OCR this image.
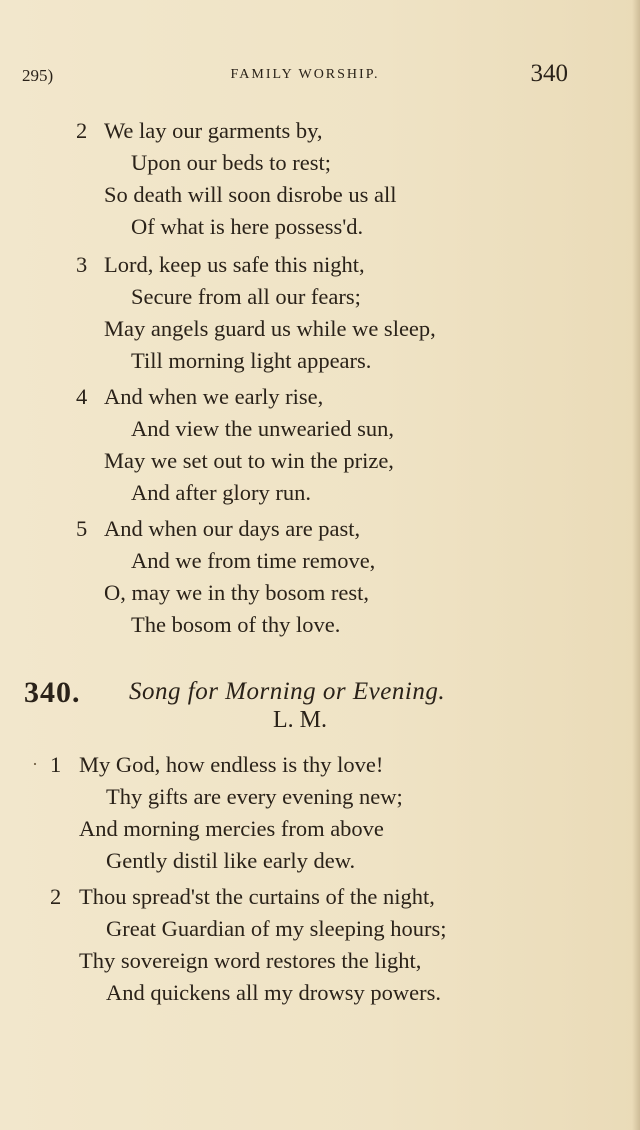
295)	FAMILY WORSHIP.	340
2 We lay our garments by,
Upon our beds to rest;
So death will soon disrobe us all
Of what is here possess'd.
3 Lord, keep us safe this night,
Secure from all our fears;
May angels guard us while we sleep,
Till morning light appears.
4 And when we early rise,
And view the unwearied sun,
May we set out to win the prize,
And after glory run.
5 And when our days are past,
And we from time remove,
O, may we in thy bosom rest,
The bosom of thy love.
340. Song for Morning or Evening.
L. M.
· 1 My God, how endless is thy love!
Thy gifts are every evening new;
And morning mercies from above
Gently distil like early dew.
2 Thou spread'st the curtains of the night,
Great Guardian of my sleeping hours;
Thy sovereign word restores the light,
And quickens all my drowsy powers.
